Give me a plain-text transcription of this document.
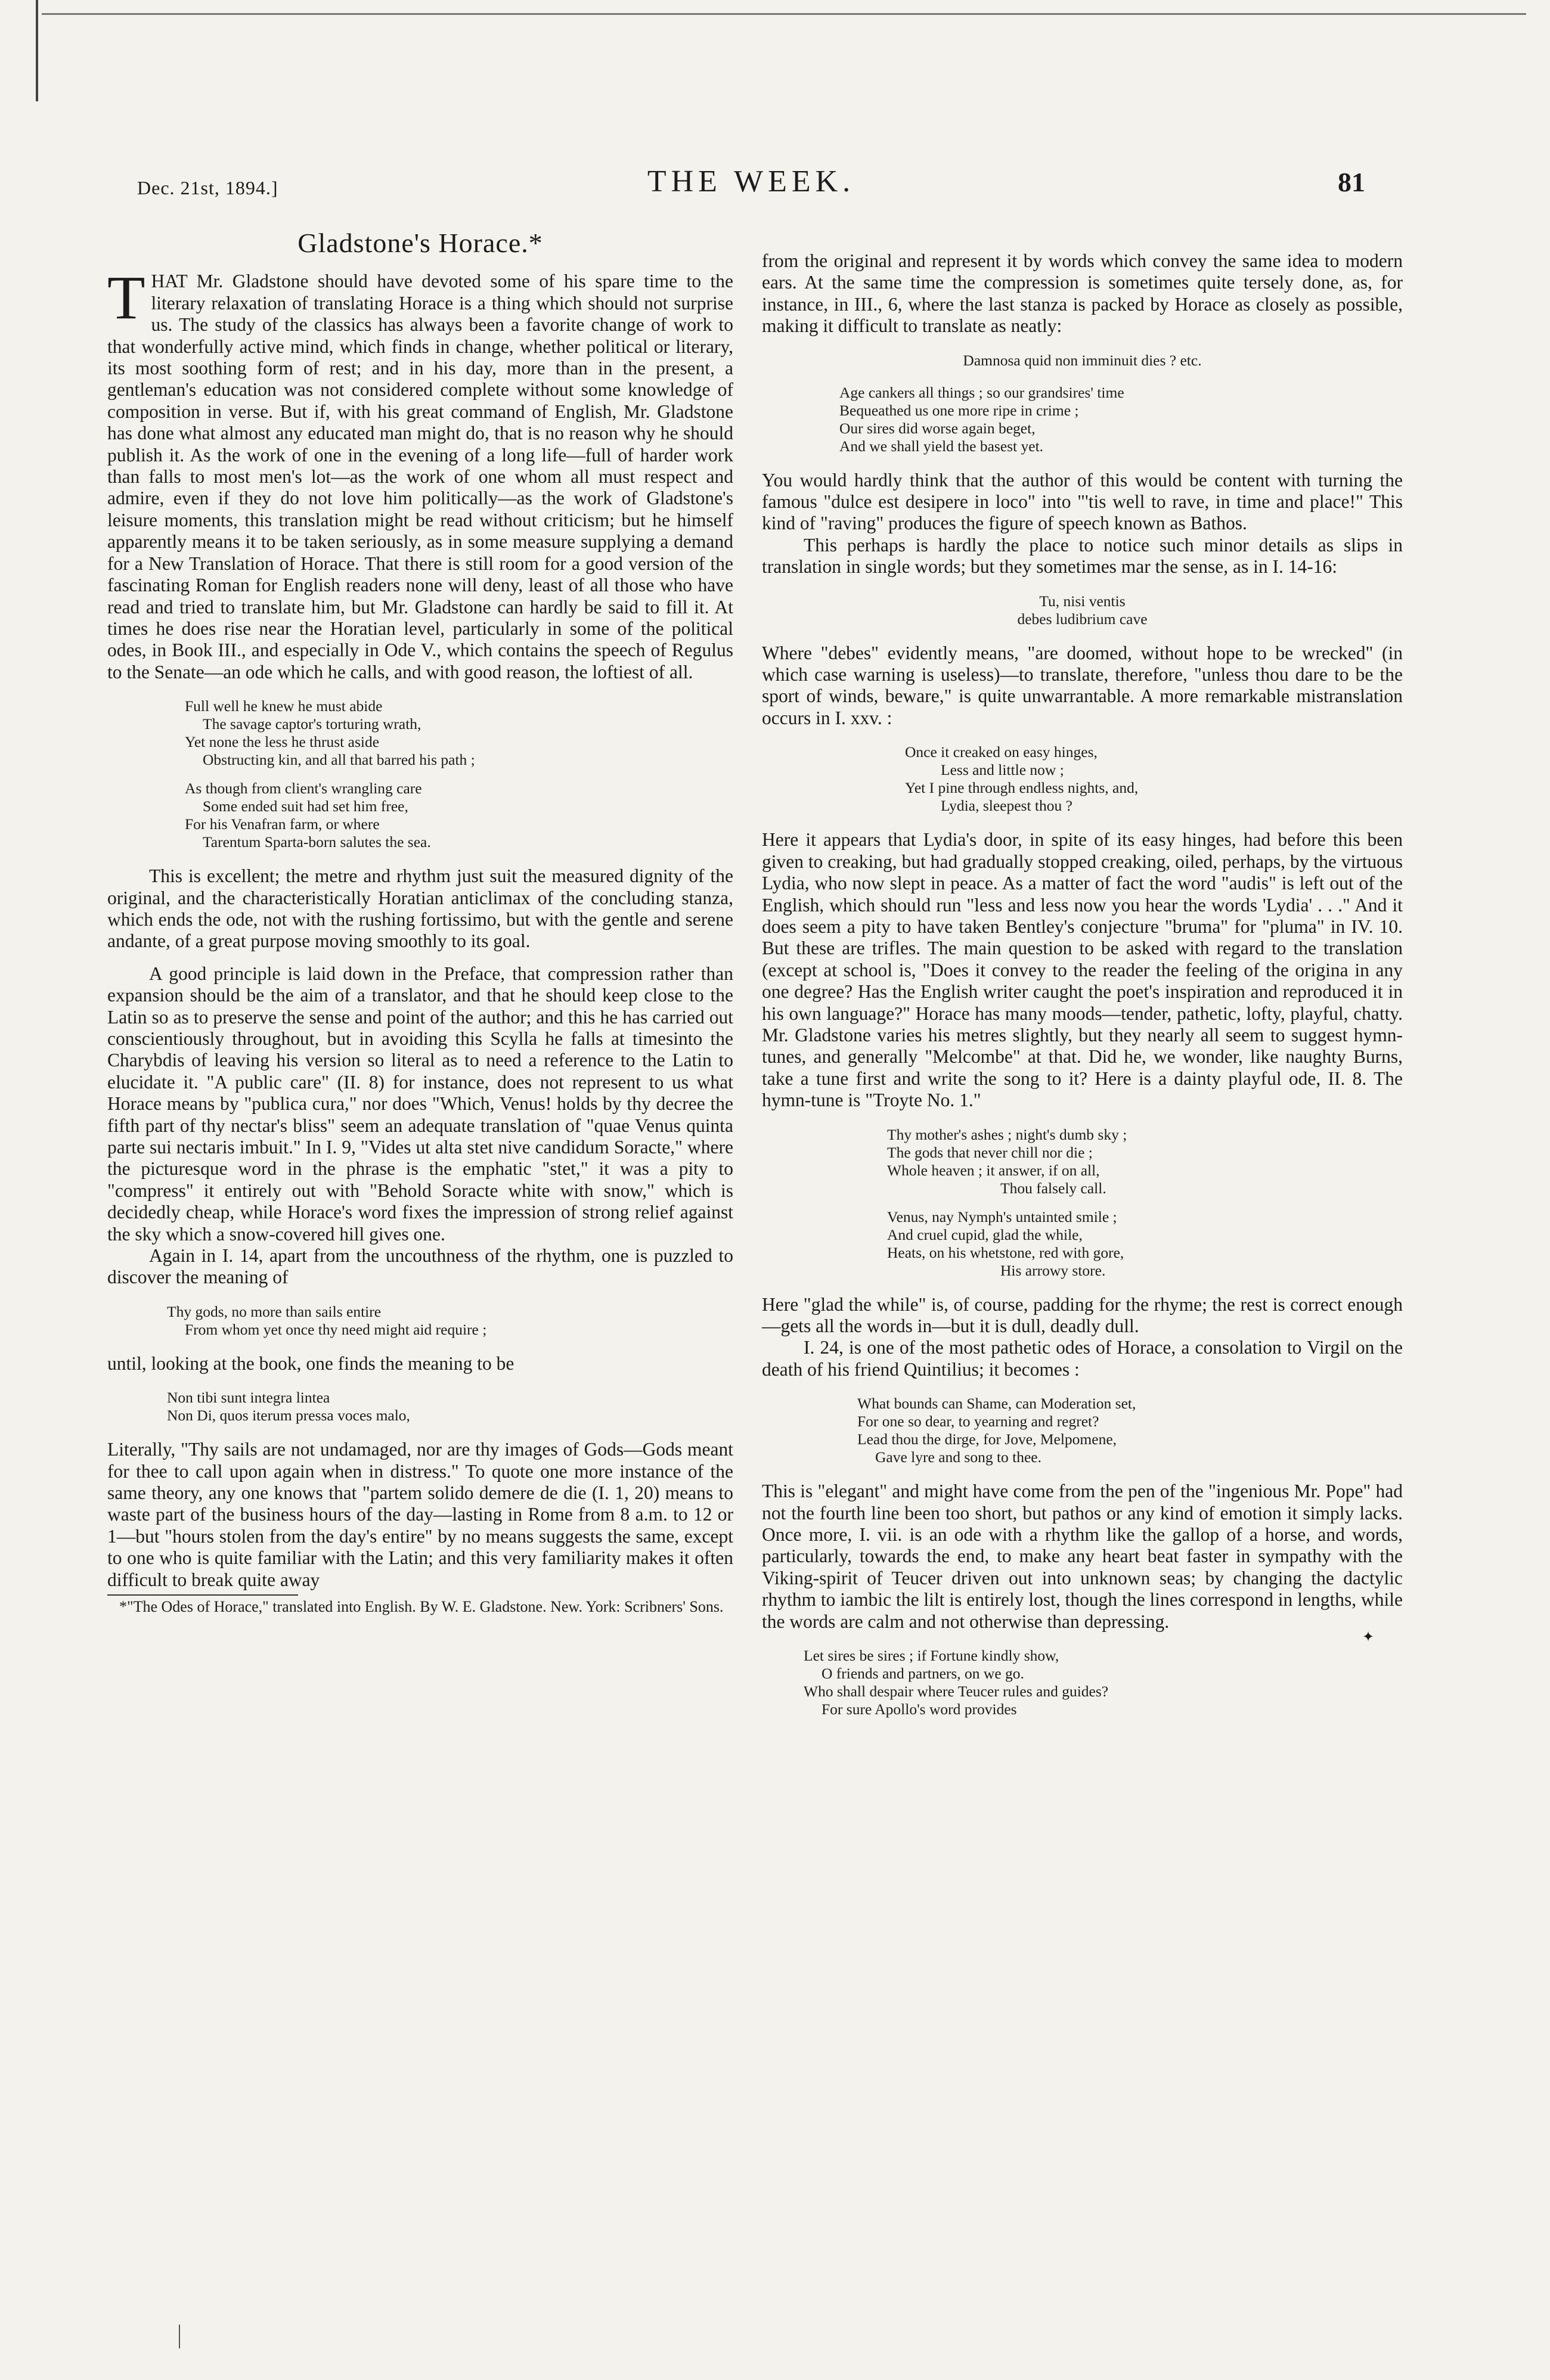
Dec. 21st, 1894.]	THE WEEK.	81
Gladstone's Horace.*

THAT Mr. Gladstone should have devoted some of his spare time to the literary relaxation of translating Horace is a thing which should not surprise us. The study of the classics has always been a favorite change of work to that wonderfully active mind, which finds in change, whether political or literary, its most soothing form of rest; and in his day, more than in the present, a gentleman's education was not considered complete without some knowledge of composition in verse. But if, with his great command of English, Mr. Gladstone has done what almost any educated man might do, that is no reason why he should publish it. As the work of one in the evening of a long life—full of harder work than falls to most men's lot—as the work of one whom all must respect and admire, even if they do not love him politically—as the work of Gladstone's leisure moments, this translation might be read without criticism; but he himself apparently means it to be taken seriously, as in some measure supplying a demand for a New Translation of Horace. That there is still room for a good version of the fascinating Roman for English readers none will deny, least of all those who have read and tried to translate him, but Mr. Gladstone can hardly be said to fill it. At times he does rise near the Horatian level, particularly in some of the political odes, in Book III., and especially in Ode V., which contains the speech of Regulus to the Senate—an ode which he calls, and with good reason, the loftiest of all.

Full well he knew he must abide
The savage captor's torturing wrath,
Yet none the less he thrust aside
Obstructing kin, and all that barred his path ;
As though from client's wrangling care
Some ended suit had set him free,
For his Venafran farm, or where
Tarentum Sparta-born salutes the sea.

This is excellent; the metre and rhythm just suit the measured dignity of the original, and the characteristically Horatian anticlimax of the concluding stanza, which ends the ode, not with the rushing fortissimo, but with the gentle and serene andante, of a great purpose moving smoothly to its goal.

A good principle is laid down in the Preface, that compression rather than expansion should be the aim of a translator, and that he should keep close to the Latin so as to preserve the sense and point of the author; and this he has carried out conscientiously throughout, but in avoiding this Scylla he falls at timesinto the Charybdis of leaving his version so literal as to need a reference to the Latin to elucidate it. "A public care" (II. 8) for instance, does not represent to us what Horace means by "publica cura," nor does "Which, Venus! holds by thy decree the fifth part of thy nectar's bliss" seem an adequate translation of "quae Venus quinta parte sui nectaris imbuit." In I. 9, "Vides ut alta stet nive candidum Soracte," where the picturesque word in the phrase is the emphatic "stet," it was a pity to "compress" it entirely out with "Behold Soracte white with snow," which is decidedly cheap, while Horace's word fixes the impression of strong relief against the sky which a snow-covered hill gives one.

Again in I. 14, apart from the uncouthness of the rhythm, one is puzzled to discover the meaning of

Thy gods, no more than sails entire
From whom yet once thy need might aid require ;

until, looking at the book, one finds the meaning to be

Non tibi sunt integra lintea
Non Di, quos iterum pressa voces malo,

Literally, "Thy sails are not undamaged, nor are thy images of Gods—Gods meant for thee to call upon again when in distress." To quote one more instance of the same theory, any one knows that "partem solido demere de die (I. 1, 20) means to waste part of the business hours of the day—lasting in Rome from 8 a.m. to 12 or 1—but "hours stolen from the day's entire" by no means suggests the same, except to one who is quite familiar with the Latin; and this very familiarity makes it often difficult to break quite away

*"The Odes of Horace," translated into English. By W. E. Gladstone. New. York: Scribners' Sons.

from the original and represent it by words which convey the same idea to modern ears. At the same time the compression is sometimes quite tersely done, as, for instance, in III., 6, where the last stanza is packed by Horace as closely as possible, making it difficult to translate as neatly:

Damnosa quid non imminuit dies ? etc.
Age cankers all things ; so our grandsires' time
Bequeathed us one more ripe in crime ;
Our sires did worse again beget,
And we shall yield the basest yet.

You would hardly think that the author of this would be content with turning the famous "dulce est desipere in loco" into "'tis well to rave, in time and place!" This kind of "raving" produces the figure of speech known as Bathos.

This perhaps is hardly the place to notice such minor details as slips in translation in single words; but they sometimes mar the sense, as in I. 14-16:

Tu, nisi ventis
debes ludibrium cave

Where "debes" evidently means, "are doomed, without hope to be wrecked" (in which case warning is useless)—to translate, therefore, "unless thou dare to be the sport of winds, beware," is quite unwarrantable. A more remarkable mistranslation occurs in I. xxv. :

Once it creaked on easy hinges,
Less and little now ;
Yet I pine through endless nights, and,
Lydia, sleepest thou ?

Here it appears that Lydia's door, in spite of its easy hinges, had before this been given to creaking, but had gradually stopped creaking, oiled, perhaps, by the virtuous Lydia, who now slept in peace. As a matter of fact the word "audis" is left out of the English, which should run "less and less now you hear the words 'Lydia' . . ." And it does seem a pity to have taken Bentley's conjecture "bruma" for "pluma" in IV. 10. But these are trifles. The main question to be asked with regard to the translation (except at school is, "Does it convey to the reader the feeling of the origina in any one degree? Has the English writer caught the poet's inspiration and reproduced it in his own language?" Horace has many moods—tender, pathetic, lofty, playful, chatty. Mr. Gladstone varies his metres slightly, but they nearly all seem to suggest hymn-tunes, and generally "Melcombe" at that. Did he, we wonder, like naughty Burns, take a tune first and write the song to it? Here is a dainty playful ode, II. 8. The hymn-tune is "Troyte No. 1."

Thy mother's ashes ; night's dumb sky ;
The gods that never chill nor die ;
Whole heaven ; it answer, if on all,
Thou falsely call.
Venus, nay Nymph's untainted smile ;
And cruel cupid, glad the while,
Heats, on his whetstone, red with gore,
His arrowy store.

Here "glad the while" is, of course, padding for the rhyme; the rest is correct enough—gets all the words in—but it is dull, deadly dull.

I. 24, is one of the most pathetic odes of Horace, a consolation to Virgil on the death of his friend Quintilius; it becomes :

What bounds can Shame, can Moderation set,
For one so dear, to yearning and regret?
Lead thou the dirge, for Jove, Melpomene,
Gave lyre and song to thee.

This is "elegant" and might have come from the pen of the "ingenious Mr. Pope" had not the fourth line been too short, but pathos or any kind of emotion it simply lacks. Once more, I. vii. is an ode with a rhythm like the gallop of a horse, and words, particularly, towards the end, to make any heart beat faster in sympathy with the Viking-spirit of Teucer driven out into unknown seas; by changing the dactylic rhythm to iambic the lilt is entirely lost, though the lines correspond in lengths, while the words are calm and not otherwise than depressing.

Let sires be sires ; if Fortune kindly show,
O friends and partners, on we go.
Who shall despair where Teucer rules and guides?
For sure Apollo's word provides
✦
